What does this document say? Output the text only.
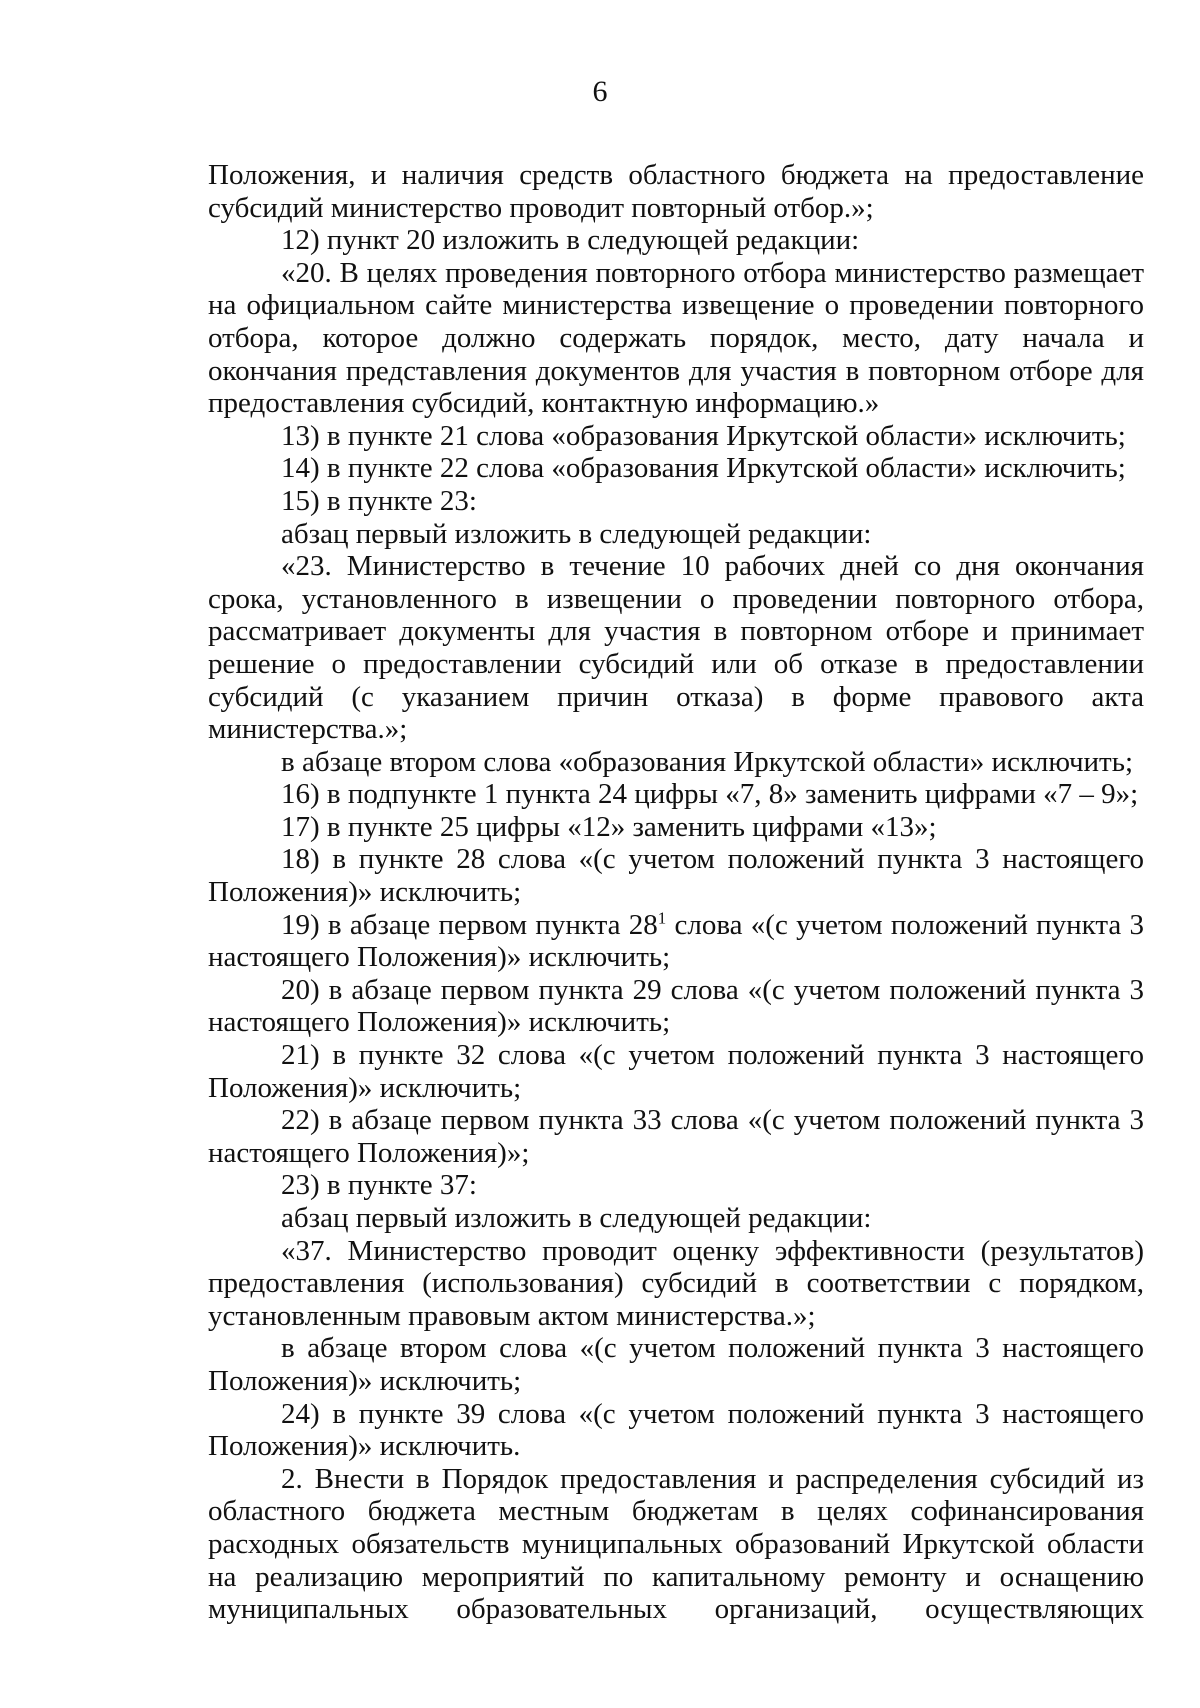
6

Положения, и наличия средств областного бюджета на предоставление субсидий министерство проводит повторный отбор.»;

12) пункт 20 изложить в следующей редакции:

«20. В целях проведения повторного отбора министерство размещает на официальном сайте министерства извещение о проведении повторного отбора, которое должно содержать порядок, место, дату начала и окончания представления документов для участия в повторном отборе для предоставления субсидий, контактную информацию.»

13) в пункте 21 слова «образования Иркутской области» исключить;

14) в пункте 22 слова «образования Иркутской области» исключить;

15) в пункте 23:

абзац первый изложить в следующей редакции:

«23. Министерство в течение 10 рабочих дней со дня окончания срока, установленного в извещении о проведении повторного отбора, рассматривает документы для участия в повторном отборе и принимает решение о предоставлении субсидий или об отказе в предоставлении субсидий (с указанием причин отказа) в форме правового акта министерства.»;

в абзаце втором слова «образования Иркутской области» исключить;

16) в подпункте 1 пункта 24 цифры «7, 8» заменить цифрами «7 – 9»;

17) в пункте 25 цифры «12» заменить цифрами «13»;

18) в пункте 28 слова «(с учетом положений пункта 3 настоящего Положения)» исключить;

19) в абзаце первом пункта $28^1$ слова «(с учетом положений пункта 3 настоящего Положения)» исключить;

20) в абзаце первом пункта 29 слова «(с учетом положений пункта 3 настоящего Положения)» исключить;

21) в пункте 32 слова «(с учетом положений пункта 3 настоящего Положения)» исключить;

22) в абзаце первом пункта 33 слова «(с учетом положений пункта 3 настоящего Положения)»;

23) в пункте 37:

абзац первый изложить в следующей редакции:

«37. Министерство проводит оценку эффективности (результатов) предоставления (использования) субсидий в соответствии с порядком, установленным правовым актом министерства.»;

в абзаце втором слова «(с учетом положений пункта 3 настоящего Положения)» исключить;

24) в пункте 39 слова «(с учетом положений пункта 3 настоящего Положения)» исключить.

2. Внести в Порядок предоставления и распределения субсидий из областного бюджета местным бюджетам в целях софинансирования расходных обязательств муниципальных образований Иркутской области на реализацию мероприятий по капитальному ремонту и оснащению муниципальных образовательных организаций, осуществляющих
